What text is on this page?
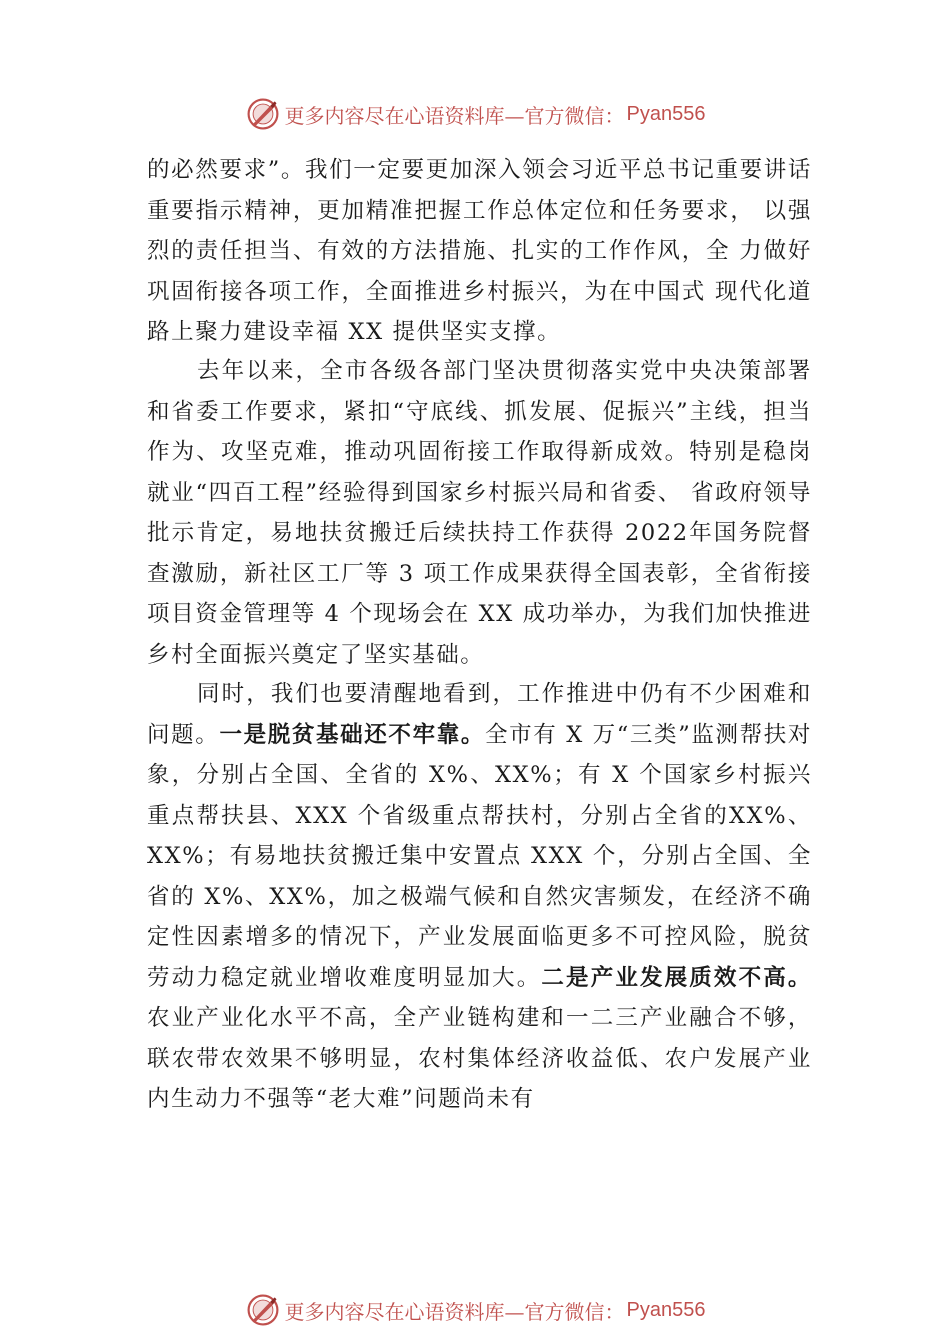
更多内容尽在心语资料库—官方微信： Pyan556

的必然要求”。我们一定要更加深入领会习近平总书记重要讲话重要指示精神，更加精准把握工作总体定位和任务要求， 以强烈的责任担当、有效的方法措施、扎实的工作作风，全 力做好巩固衔接各项工作，全面推进乡村振兴，为在中国式 现代化道路上聚力建设幸福 XX 提供坚实支撑。

去年以来，全市各级各部门坚决贯彻落实党中央决策部署和省委工作要求，紧扣“守底线、抓发展、促振兴”主线，担当作为、攻坚克难，推动巩固衔接工作取得新成效。特别是稳岗就业“四百工程”经验得到国家乡村振兴局和省委、 省政府领导批示肯定，易地扶贫搬迁后续扶持工作获得 2022年国务院督查激励，新社区工厂等 3 项工作成果获得全国表彰，全省衔接项目资金管理等 4 个现场会在 XX 成功举办，为我们加快推进乡村全面振兴奠定了坚实基础。

同时，我们也要清醒地看到，工作推进中仍有不少困难和问题。一是脱贫基础还不牢靠。全市有 X 万“三类”监测帮扶对象，分别占全国、全省的 X%、XX%；有 X 个国家乡村振兴重点帮扶县、XXX 个省级重点帮扶村，分别占全省的XX%、XX%；有易地扶贫搬迁集中安置点 XXX 个，分别占全国、全省的 X%、XX%，加之极端气候和自然灾害频发，在经济不确定性因素增多的情况下，产业发展面临更多不可控风险，脱贫劳动力稳定就业增收难度明显加大。二是产业发展质效不高。农业产业化水平不高，全产业链构建和一二三产业融合不够，联农带农效果不够明显，农村集体经济收益低、农户发展产业内生动力不强等“老大难”问题尚未有

更多内容尽在心语资料库—官方微信： Pyan556
